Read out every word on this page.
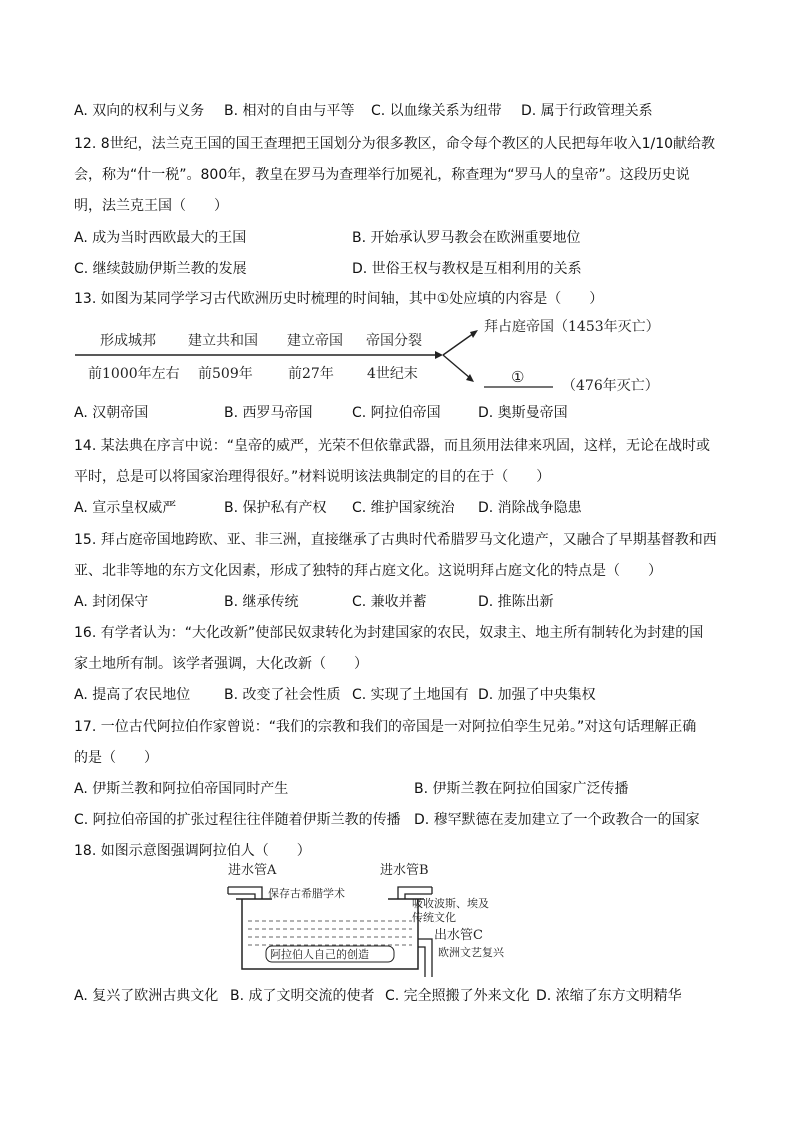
A. 双向的权利与义务 B. 相对的自由与平等 C. 以血缘关系为纽带 D. 属于行政管理关系
12. 8世纪，法兰克王国的国王查理把王国划分为很多教区，命令每个教区的人民把每年收入1/10献给教
会，称为“什一税”。800年，教皇在罗马为查理举行加冕礼，称查理为“罗马人的皇帝”。这段历史说
明，法兰克王国（　　）
A. 成为当时西欧最大的王国	B. 开始承认罗马教会在欧洲重要地位
C. 继续鼓励伊斯兰教的发展	D. 世俗王权与教权是互相利用的关系
13. 如图为某同学学习古代欧洲历史时梳理的时间轴，其中①处应填的内容是（　　）
形成城邦 建立共和国 建立帝国 帝国分裂
前1000年左右 前509年	前27年 4世纪末
拜占庭帝国（1453年灭亡）
①	（476年灭亡）
A. 汉朝帝国	B. 西罗马帝国	C. 阿拉伯帝国	D. 奥斯曼帝国
14. 某法典在序言中说：“皇帝的威严，光荣不但依靠武器，而且须用法律来巩固，这样，无论在战时或
平时，总是可以将国家治理得很好。”材料说明该法典制定的目的在于（　　）
A. 宣示皇权威严	B. 保护私有产权 C. 维护国家统治 D. 消除战争隐患
15. 拜占庭帝国地跨欧、亚、非三洲，直接继承了古典时代希腊罗马文化遗产，又融合了早期基督教和西
亚、北非等地的东方文化因素，形成了独特的拜占庭文化。这说明拜占庭文化的特点是（　　）
A. 封闭保守	B. 继承传统	C. 兼收并蓄	D. 推陈出新
16. 有学者认为：“大化改新”使部民奴隶转化为封建国家的农民，奴隶主、地主所有制转化为封建的国
家土地所有制。该学者强调，大化改新（　　）
A. 提高了农民地位 B. 改变了社会性质 C. 实现了土地国有 D. 加强了中央集权
17. 一位古代阿拉伯作家曾说：“我们的宗教和我们的帝国是一对阿拉伯孪生兄弟。”对这句话理解正确
的是（　　）
A. 伊斯兰教和阿拉伯帝国同时产生	B. 伊斯兰教在阿拉伯国家广泛传播
C. 阿拉伯帝国的扩张过程往往伴随着伊斯兰教的传播 D. 穆罕默德在麦加建立了一个政教合一的国家
18. 如图示意图强调阿拉伯人（　　）
进水管A	进水管B
保存古希腊学术
吸收波斯、埃及
传统文化
出水管C
欧洲文艺复兴
阿拉伯人自己的创造
A. 复兴了欧洲古典文化 B. 成了文明交流的使者 C. 完全照搬了外来文化 D. 浓缩了东方文明精华
